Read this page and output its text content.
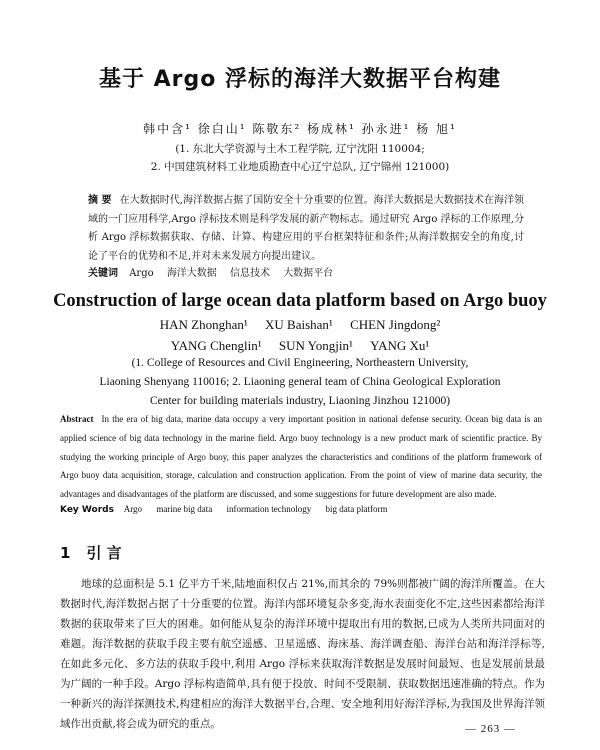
基于 Argo 浮标的海洋大数据平台构建
韩中含¹ 徐白山¹ 陈敬东² 杨成林¹ 孙永进¹ 杨 旭¹
(1. 东北大学资源与土木工程学院, 辽宁沈阳 110004;
2. 中国建筑材料工业地质勘查中心辽宁总队, 辽宁锦州 121000)
摘 要 在大数据时代,海洋数据占据了国防安全十分重要的位置。海洋大数据是大数据技术在海洋领域的一门应用科学,Argo 浮标技术则是科学发展的新产物标志。通过研究 Argo 浮标的工作原理,分析 Argo 浮标数据获取、存储、计算、构建应用的平台框架特征和条件;从海洋数据安全的角度,讨论了平台的优势和不足,并对未来发展方向提出建议。
关键词 Argo 海洋大数据 信息技术 大数据平台
Construction of large ocean data platform based on Argo buoy
HAN Zhonghan¹ XU Baishan¹ CHEN Jingdong²
YANG Chenglin¹ SUN Yongjin¹ YANG Xu¹
(1. College of Resources and Civil Engineering, Northeastern University,
Liaoning Shenyang 110016; 2. Liaoning general team of China Geological Exploration
Center for building materials industry, Liaoning Jinzhou 121000)
Abstract In the era of big data, marine data occupy a very important position in national defense security. Ocean big data is an applied science of big data technology in the marine field. Argo buoy technology is a new product mark of scientific practice. By studying the working principle of Argo buoy, this paper analyzes the characteristics and conditions of the platform framework of Argo buoy data acquisition, storage, calculation and construction application. From the point of view of marine data security, the advantages and disadvantages of the platform are discussed, and some suggestions for future development are also made.
Key Words Argo marine big data information technology big data platform
1 引 言
地球的总面积是 5.1 亿平方千米,陆地面积仅占 21%,而其余的 79%则都被广阔的海洋所覆盖。在大数据时代,海洋数据占据了十分重要的位置。海洋内部环境复杂多变,海水表面变化不定,这些因素都给海洋数据的获取带来了巨大的困难。如何能从复杂的海洋环境中提取出有用的数据,已成为人类所共同面对的难题。海洋数据的获取手段主要有航空遥感、卫星遥感、海床基、海洋调查船、海洋台站和海洋浮标等,在如此多元化、多方法的获取手段中,利用 Argo 浮标来获取海洋数据是发展时间最短、也是发展前景最为广阔的一种手段。Argo 浮标构造简单,具有便于投放、时间不受限制、获取数据迅速准确的特点。作为一种新兴的海洋探测技术,构建相应的海洋大数据平台,合理、安全地利用好海洋浮标,为我国及世界海洋领域作出贡献,将会成为研究的重点。	— 263 —
